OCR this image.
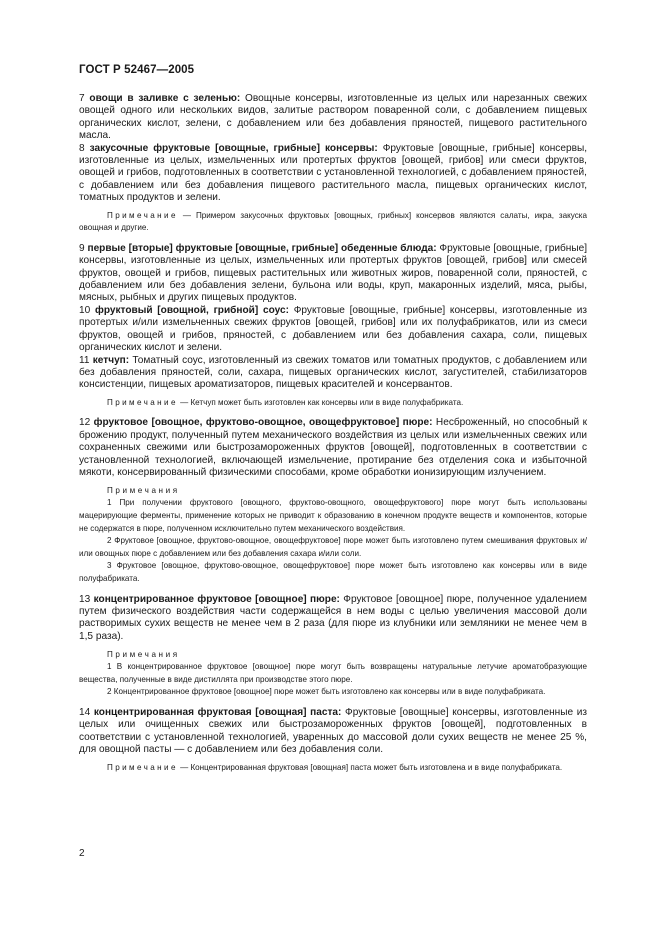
ГОСТ Р 52467—2005

7 овощи в заливке с зеленью: Овощные консервы, изготовленные из целых или нарезанных свежих овощей одного или нескольких видов, залитые раствором поваренной соли, с добавлением пищевых органических кислот, зелени, с добавлением или без добавления пряностей, пищевого растительного масла.

8 закусочные фруктовые [овощные, грибные] консервы: Фруктовые [овощные, грибные] консервы, изготовленные из целых, измельченных или протертых фруктов [овощей, грибов] или смеси фруктов, овощей и грибов, подготовленных в соответствии с установленной технологией, с добавлением пряностей, с добавлением или без добавления пищевого растительного масла, пищевых органических кислот, томатных продуктов и зелени.

Примечание — Примером закусочных фруктовых [овощных, грибных] консервов являются салаты, икра, закуска овощная и другие.

9 первые [вторые] фруктовые [овощные, грибные] обеденные блюда: Фруктовые [овощные, грибные] консервы, изготовленные из целых, измельченных или протертых фруктов [овощей, грибов] или смесей фруктов, овощей и грибов, пищевых растительных или животных жиров, поваренной соли, пряностей, с добавлением или без добавления зелени, бульона или воды, круп, макаронных изделий, мяса, рыбы, мясных, рыбных и других пищевых продуктов.

10 фруктовый [овощной, грибной] соус: Фруктовые [овощные, грибные] консервы, изготовленные из протертых и/или измельченных свежих фруктов [овощей, грибов] или их полуфабрикатов, или из смеси фруктов, овощей и грибов, пряностей, с добавлением или без добавления сахара, соли, пищевых органических кислот и зелени.

11 кетчуп: Томатный соус, изготовленный из свежих томатов или томатных продуктов, с добавлением или без добавления пряностей, соли, сахара, пищевых органических кислот, загустителей, стабилизаторов консистенции, пищевых ароматизаторов, пищевых красителей и консервантов.

Примечание — Кетчуп может быть изготовлен как консервы или в виде полуфабриката.

12 фруктовое [овощное, фруктово-овощное, овощефруктовое] пюре: Несброженный, но способный к брожению продукт, полученный путем механического воздействия из целых или измельченных свежих или сохраненных свежими или быстрозамороженных фруктов [овощей], подготовленных в соответствии с установленной технологией, включающей измельчение, протирание без отделения сока и избыточной мякоти, консервированный физическими способами, кроме обработки ионизирующим излучением.

Примечания

1 При получении фруктового [овощного, фруктово-овощного, овощефруктового] пюре могут быть использованы мацерирующие ферменты, применение которых не приводит к образованию в конечном продукте веществ и компонентов, которые не содержатся в пюре, полученном исключительно путем механического воздействия.

2 Фруктовое [овощное, фруктово-овощное, овощефруктовое] пюре может быть изготовлено путем смешивания фруктовых и/или овощных пюре с добавлением или без добавления сахара и/или соли.

3 Фруктовое [овощное, фруктово-овощное, овощефруктовое] пюре может быть изготовлено как консервы или в виде полуфабриката.

13 концентрированное фруктовое [овощное] пюре: Фруктовое [овощное] пюре, полученное удалением путем физического воздействия части содержащейся в нем воды с целью увеличения массовой доли растворимых сухих веществ не менее чем в 2 раза (для пюре из клубники или земляники не менее чем в 1,5 раза).

Примечания

1 В концентрированное фруктовое [овощное] пюре могут быть возвращены натуральные летучие ароматобразующие вещества, полученные в виде дистиллята при производстве этого пюре.

2 Концентрированное фруктовое [овощное] пюре может быть изготовлено как консервы или в виде полуфабриката.

14 концентрированная фруктовая [овощная] паста: Фруктовые [овощные] консервы, изготовленные из целых или очищенных свежих или быстрозамороженных фруктов [овощей], подготовленных в соответствии с установленной технологией, уваренных до массовой доли сухих веществ не менее 25 %, для овощной пасты — с добавлением или без добавления соли.

Примечание — Концентрированная фруктовая [овощная] паста может быть изготовлена и в виде полуфабриката.

2
